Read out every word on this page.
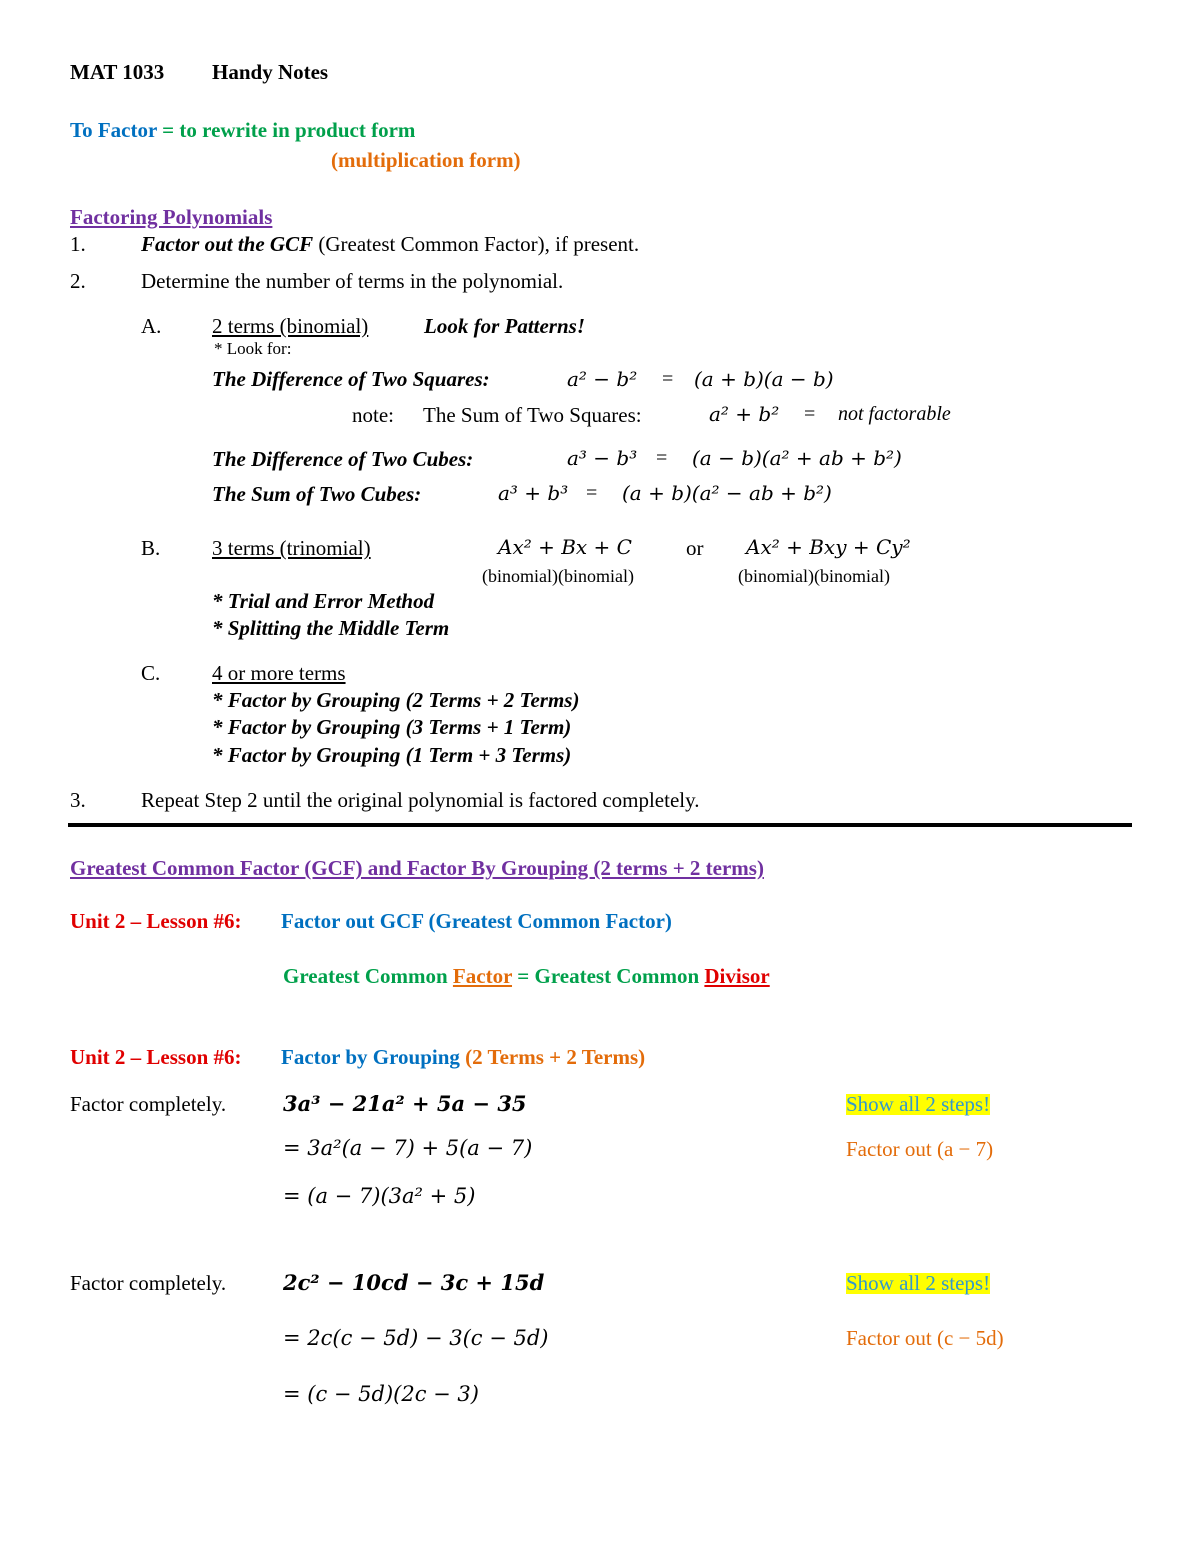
MAT 1033 Handy Notes
To Factor = to rewrite in product form
(multiplication form)
Factoring Polynomials
1.	Factor out the GCF (Greatest Common Factor), if present.
2.	Determine the number of terms in the polynomial.
A. 2 terms (binomial)	Look for Patterns!
* Look for:
The Difference of Two Squares:	a² − b² = (a + b)(a − b)
note: The Sum of Two Squares:	a² + b² = not factorable
The Difference of Two Cubes:	a³ − b³ = (a − b)(a² + ab + b²)
The Sum of Two Cubes:	a³ + b³ = (a + b)(a² − ab + b²)
B. 3 terms (trinomial)	Ax² + Bx + C	or Ax² + Bxy + Cy²
(binomial)(binomial)	(binomial)(binomial)
* Trial and Error Method
* Splitting the Middle Term
C. 4 or more terms
* Factor by Grouping (2 Terms + 2 Terms)
* Factor by Grouping (3 Terms + 1 Term)
* Factor by Grouping (1 Term + 3 Terms)
3.	Repeat Step 2 until the original polynomial is factored completely.
Greatest Common Factor (GCF) and Factor By Grouping (2 terms + 2 terms)
Unit 2 – Lesson #6: Factor out GCF (Greatest Common Factor)
Greatest Common Factor = Greatest Common Divisor
Unit 2 – Lesson #6: Factor by Grouping (2 Terms + 2 Terms)
Factor completely.	3a³ − 21a² + 5a − 35	Show all 2 steps!
= 3a²(a − 7) + 5(a − 7)	Factor out (a − 7)
= (a − 7)(3a² + 5)
Factor completely.	2c² − 10cd − 3c + 15d	Show all 2 steps!
= 2c(c − 5d) − 3(c − 5d)	Factor out (c − 5d)
= (c − 5d)(2c − 3)
